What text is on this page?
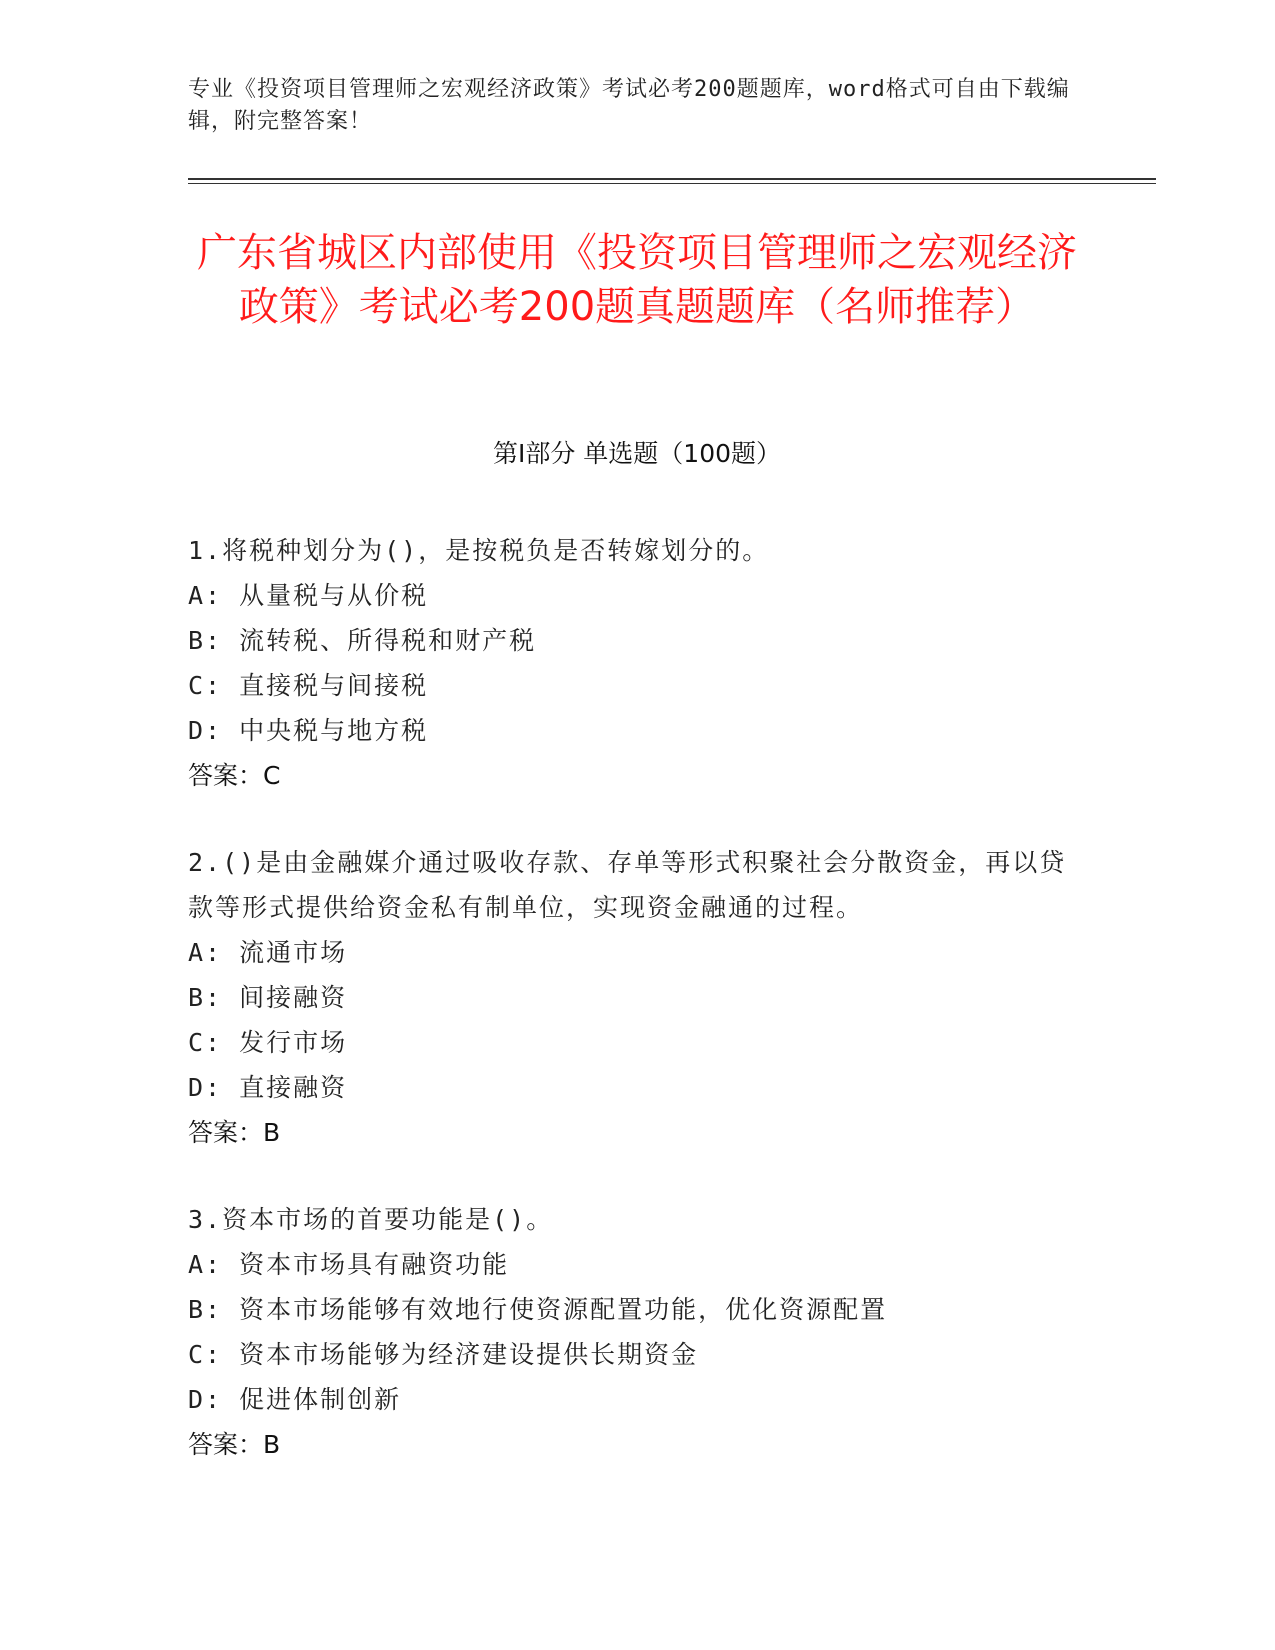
专业《投资项目管理师之宏观经济政策》考试必考200题题库，word格式可自由下载编辑，附完整答案！
广东省城区内部使用《投资项目管理师之宏观经济政策》考试必考200题真题题库（名师推荐）
第Ⅰ部分 单选题（100题）
1.将税种划分为()，是按税负是否转嫁划分的。
A: 从量税与从价税
B: 流转税、所得税和财产税
C: 直接税与间接税
D: 中央税与地方税
答案：C
2.()是由金融媒介通过吸收存款、存单等形式积聚社会分散资金，再以贷款等形式提供给资金私有制单位，实现资金融通的过程。
A: 流通市场
B: 间接融资
C: 发行市场
D: 直接融资
答案：B
3.资本市场的首要功能是()。
A: 资本市场具有融资功能
B: 资本市场能够有效地行使资源配置功能，优化资源配置
C: 资本市场能够为经济建设提供长期资金
D: 促进体制创新
答案：B
